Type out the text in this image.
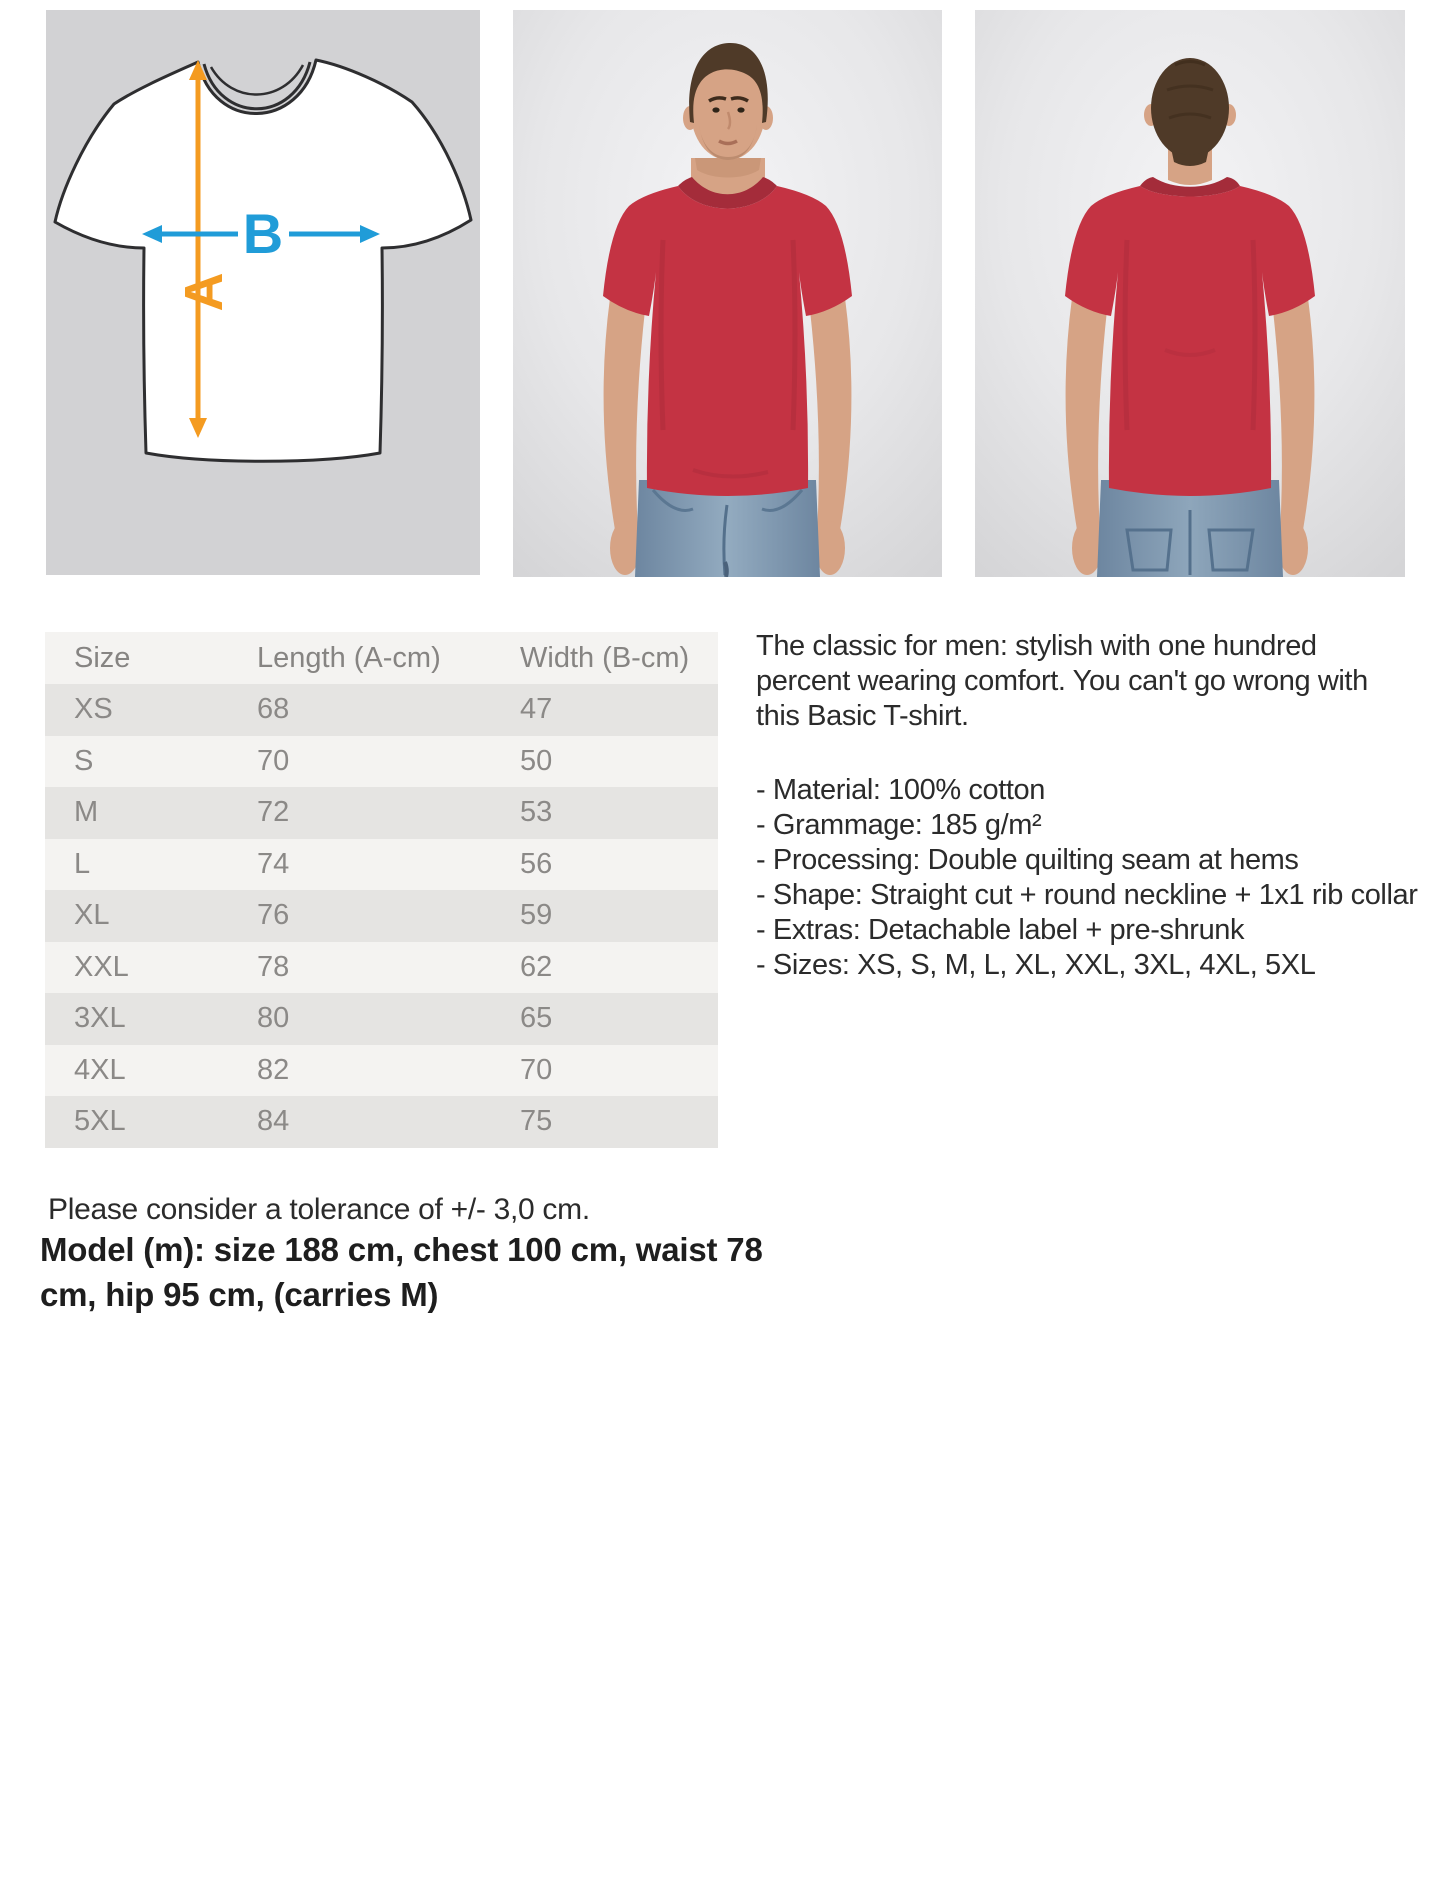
A
B
Size	Length (A-cm)	Width (B-cm)
XS	68	47
S	70	50
M	72	53
L	74	56
XL	76	59
XXL	78	62
3XL	80	65
4XL	82	70
5XL	84	75
The classic for men: stylish with one hundred
percent wearing comfort. You can't go wrong with
this Basic T-shirt.
- Material: 100% cotton
- Grammage: 185 g/m²
- Processing: Double quilting seam at hems
- Shape: Straight cut + round neckline + 1x1 rib collar
- Extras: Detachable label + pre-shrunk
- Sizes: XS, S, M, L, XL, XXL, 3XL, 4XL, 5XL
Please consider a tolerance of +/- 3,0 cm.
Model (m): size 188 cm, chest 100 cm, waist 78
cm, hip 95 cm, (carries M)
